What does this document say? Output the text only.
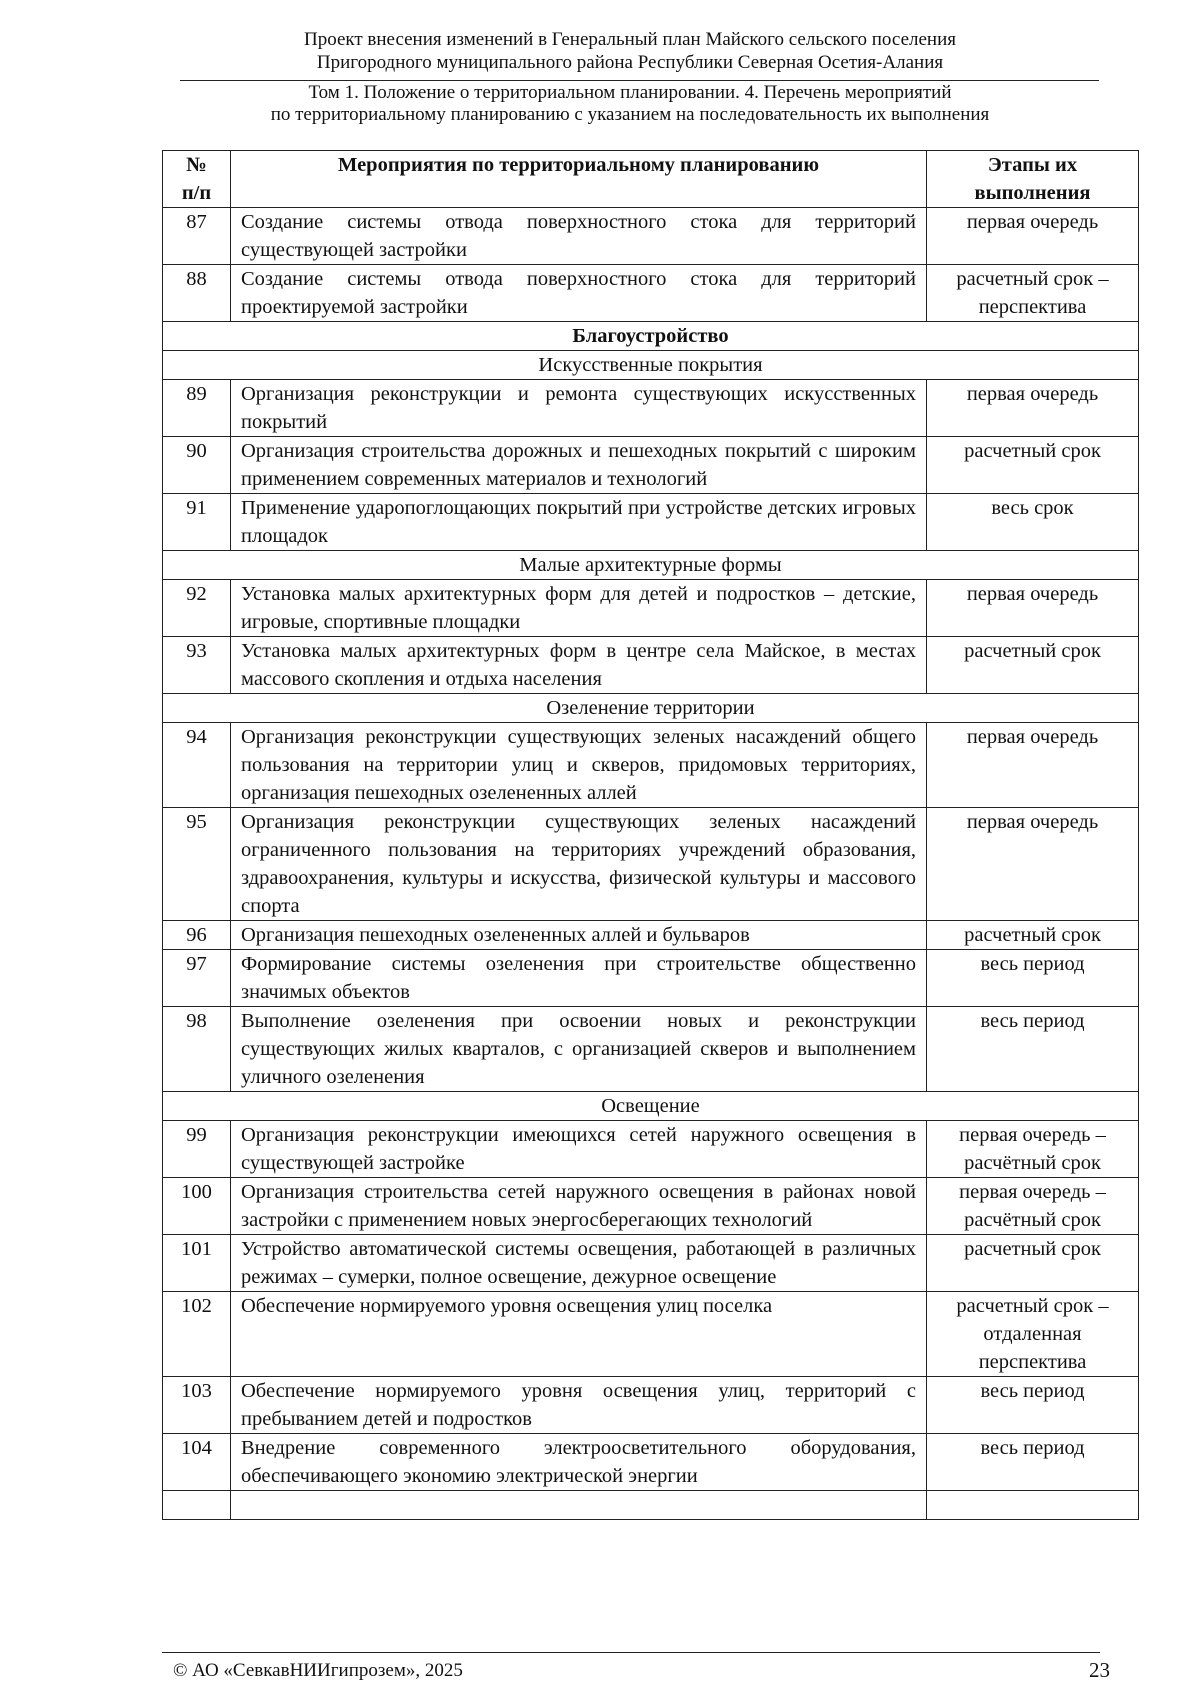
Проект внесения изменений в Генеральный план Майского сельского поселения
Пригородного муниципального района Республики Северная Осетия-Алания
Том 1. Положение о территориальном планировании. 4. Перечень мероприятий
по территориальному планированию с указанием на последовательность их выполнения
№
п/п	Мероприятия по территориальному планированию	Этапы их
выполнения
87	Создание системы отвода поверхностного стока для территорий существующей застройки	первая очередь
88	Создание системы отвода поверхностного стока для территорий проектируемой застройки	расчетный срок –
перспектива
Благоустройство		
Искусственные покрытия		
89	Организация реконструкции и ремонта существующих искусственных покрытий	первая очередь
90	Организация строительства дорожных и пешеходных покрытий с широким применением современных материалов и технологий	расчетный срок
91	Применение ударопоглощающих покрытий при устройстве детских игровых площадок	весь срок
Малые архитектурные формы		
92	Установка малых архитектурных форм для детей и подростков – детские, игровые, спортивные площадки	первая очередь
93	Установка малых архитектурных форм в центре села Майское, в местах массового скопления и отдыха населения	расчетный срок
Озеленение территории		
94	Организация реконструкции существующих зеленых насаждений общего пользования на территории улиц и скверов, придомовых территориях, организация пешеходных озелененных аллей	первая очередь
95	Организация реконструкции существующих зеленых насаждений ограниченного пользования на территориях учреждений образования, здравоохранения, культуры и искусства, физической культуры и массового спорта	первая очередь
96	Организация пешеходных озелененных аллей и бульваров	расчетный срок
97	Формирование системы озеленения при строительстве общественно значимых объектов	весь период
98	Выполнение озеленения при освоении новых и реконструкции существующих жилых кварталов, с организацией скверов и выполнением уличного озеленения	весь период
Освещение		
99	Организация реконструкции имеющихся сетей наружного освещения в существующей застройке	первая очередь –
расчётный срок
100	Организация строительства сетей наружного освещения в районах новой застройки с применением новых энергосберегающих технологий	первая очередь –
расчётный срок
101	Устройство автоматической системы освещения, работающей в различных режимах – сумерки, полное освещение, дежурное освещение	расчетный срок
102	Обеспечение нормируемого уровня освещения улиц поселка	расчетный срок –
отдаленная
перспектива
103	Обеспечение нормируемого уровня освещения улиц, территорий с пребыванием детей и подростков	весь период
104	Внедрение современного электроосветительного оборудования, обеспечивающего экономию электрической энергии	весь период

© АО «СевкавНИИгипрозем», 2025	23
